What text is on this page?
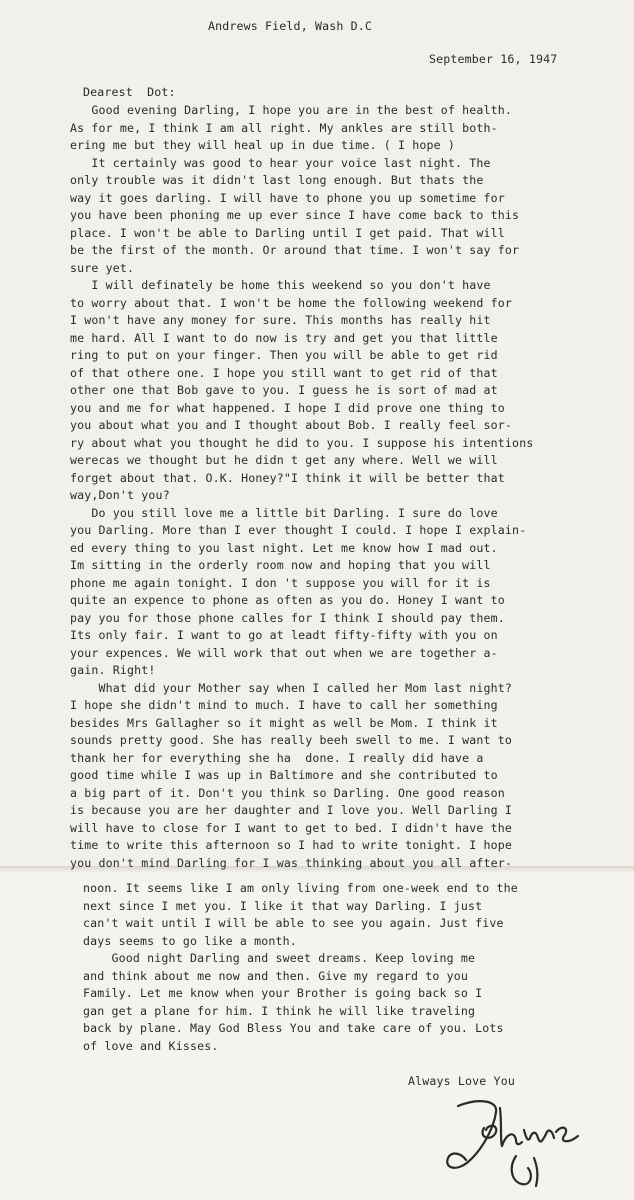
Andrews Field, Wash D.C
September 16, 1947
Dearest  Dot:
Good evening Darling, I hope you are in the best of health.
As for me, I think I am all right. My ankles are still both-
ering me but they will heal up in due time. ( I hope )
It certainly was good to hear your voice last night. The
only trouble was it didn't last long enough. But thats the
way it goes darling. I will have to phone you up sometime for
you have been phoning me up ever since I have come back to this
place. I won't be able to Darling until I get paid. That will
be the first of the month. Or around that time. I won't say for
sure yet.
I will definately be home this weekend so you don't have
to worry about that. I won't be home the following weekend for
I won't have any money for sure. This months has really hit
me hard. All I want to do now is try and get you that little
ring to put on your finger. Then you will be able to get rid
of that othere one. I hope you still want to get rid of that
other one that Bob gave to you. I guess he is sort of mad at
you and me for what happened. I hope I did prove one thing to
you about what you and I thought about Bob. I really feel sor-
ry about what you thought he did to you. I suppose his intentions
werecas we thought but he didn t get any where. Well we will
forget about that. O.K. Honey?"I think it will be better that
way,Don't you?
Do you still love me a little bit Darling. I sure do love
you Darling. More than I ever thought I could. I hope I explain-
ed every thing to you last night. Let me know how I mad out.
Im sitting in the orderly room now and hoping that you will
phone me again tonight. I don 't suppose you will for it is
quite an expence to phone as often as you do. Honey I want to
pay you for those phone calles for I think I should pay them.
Its only fair. I want to go at leadt fifty-fifty with you on
your expences. We will work that out when we are together a-
gain. Right!
What did your Mother say when I called her Mom last night?
I hope she didn't mind to much. I have to call her something
besides Mrs Gallagher so it might as well be Mom. I think it
sounds pretty good. She has really beeh swell to me. I want to
thank her for everything she ha  done. I really did have a
good time while I was up in Baltimore and she contributed to
a big part of it. Don't you think so Darling. One good reason
is because you are her daughter and I love you. Well Darling I
will have to close for I want to get to bed. I didn't have the
time to write this afternoon so I had to write tonight. I hope
you don't mind Darling for I was thinking about you all after-
noon. It seems like I am only living from one-week end to the
next since I met you. I like it that way Darling. I just
can't wait until I will be able to see you again. Just five
days seems to go like a month.
Good night Darling and sweet dreams. Keep loving me
and think about me now and then. Give my regard to you
Family. Let me know when your Brother is going back so I
gan get a plane for him. I think he will like traveling
back by plane. May God Bless You and take care of you. Lots
of love and Kisses.
Always Love You
